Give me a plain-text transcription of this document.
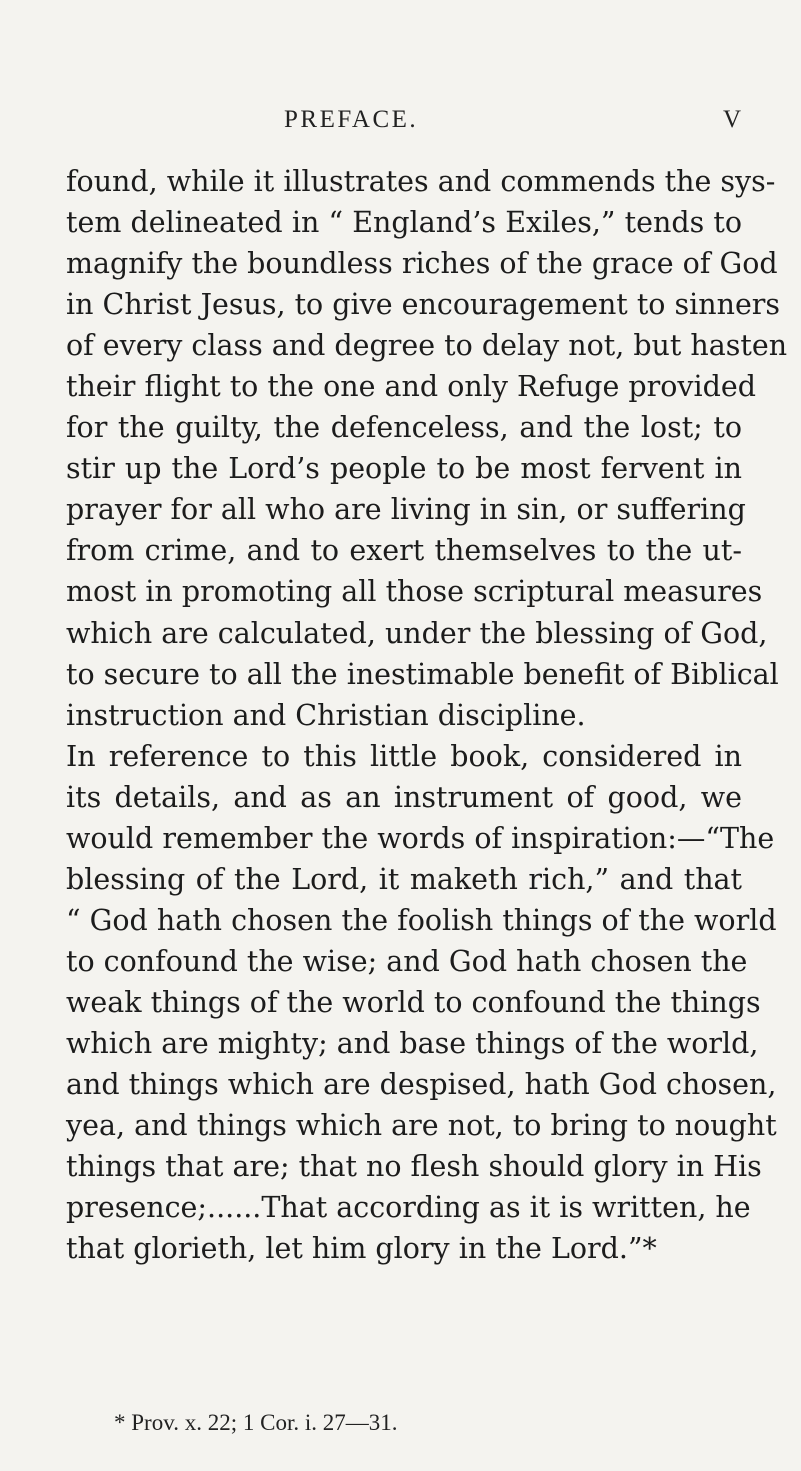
PREFACE.	V
found, while it illustrates and commends the sys-
tem delineated in “ England’s Exiles,” tends to
magnify the boundless riches of the grace of God
in Christ Jesus, to give encouragement to sinners
of every class and degree to delay not, but hasten
their flight to the one and only Refuge provided
for the guilty, the defenceless, and the lost; to
stir up the Lord’s people to be most fervent in
prayer for all who are living in sin, or suffering
from crime, and to exert themselves to the ut-
most in promoting all those scriptural measures
which are calculated, under the blessing of God,
to secure to all the inestimable benefit of Biblical
instruction and Christian discipline.
In reference to this little book, considered in
its details, and as an instrument of good, we
would remember the words of inspiration:—“The
blessing of the Lord, it maketh rich,” and that
“ God hath chosen the foolish things of the world
to confound the wise; and God hath chosen the
weak things of the world to confound the things
which are mighty; and base things of the world,
and things which are despised, hath God chosen,
yea, and things which are not, to bring to nought
things that are; that no flesh should glory in His
presence;......That according as it is written, he
that glorieth, let him glory in the Lord.”*
* Prov. x. 22; 1 Cor. i. 27—31.
